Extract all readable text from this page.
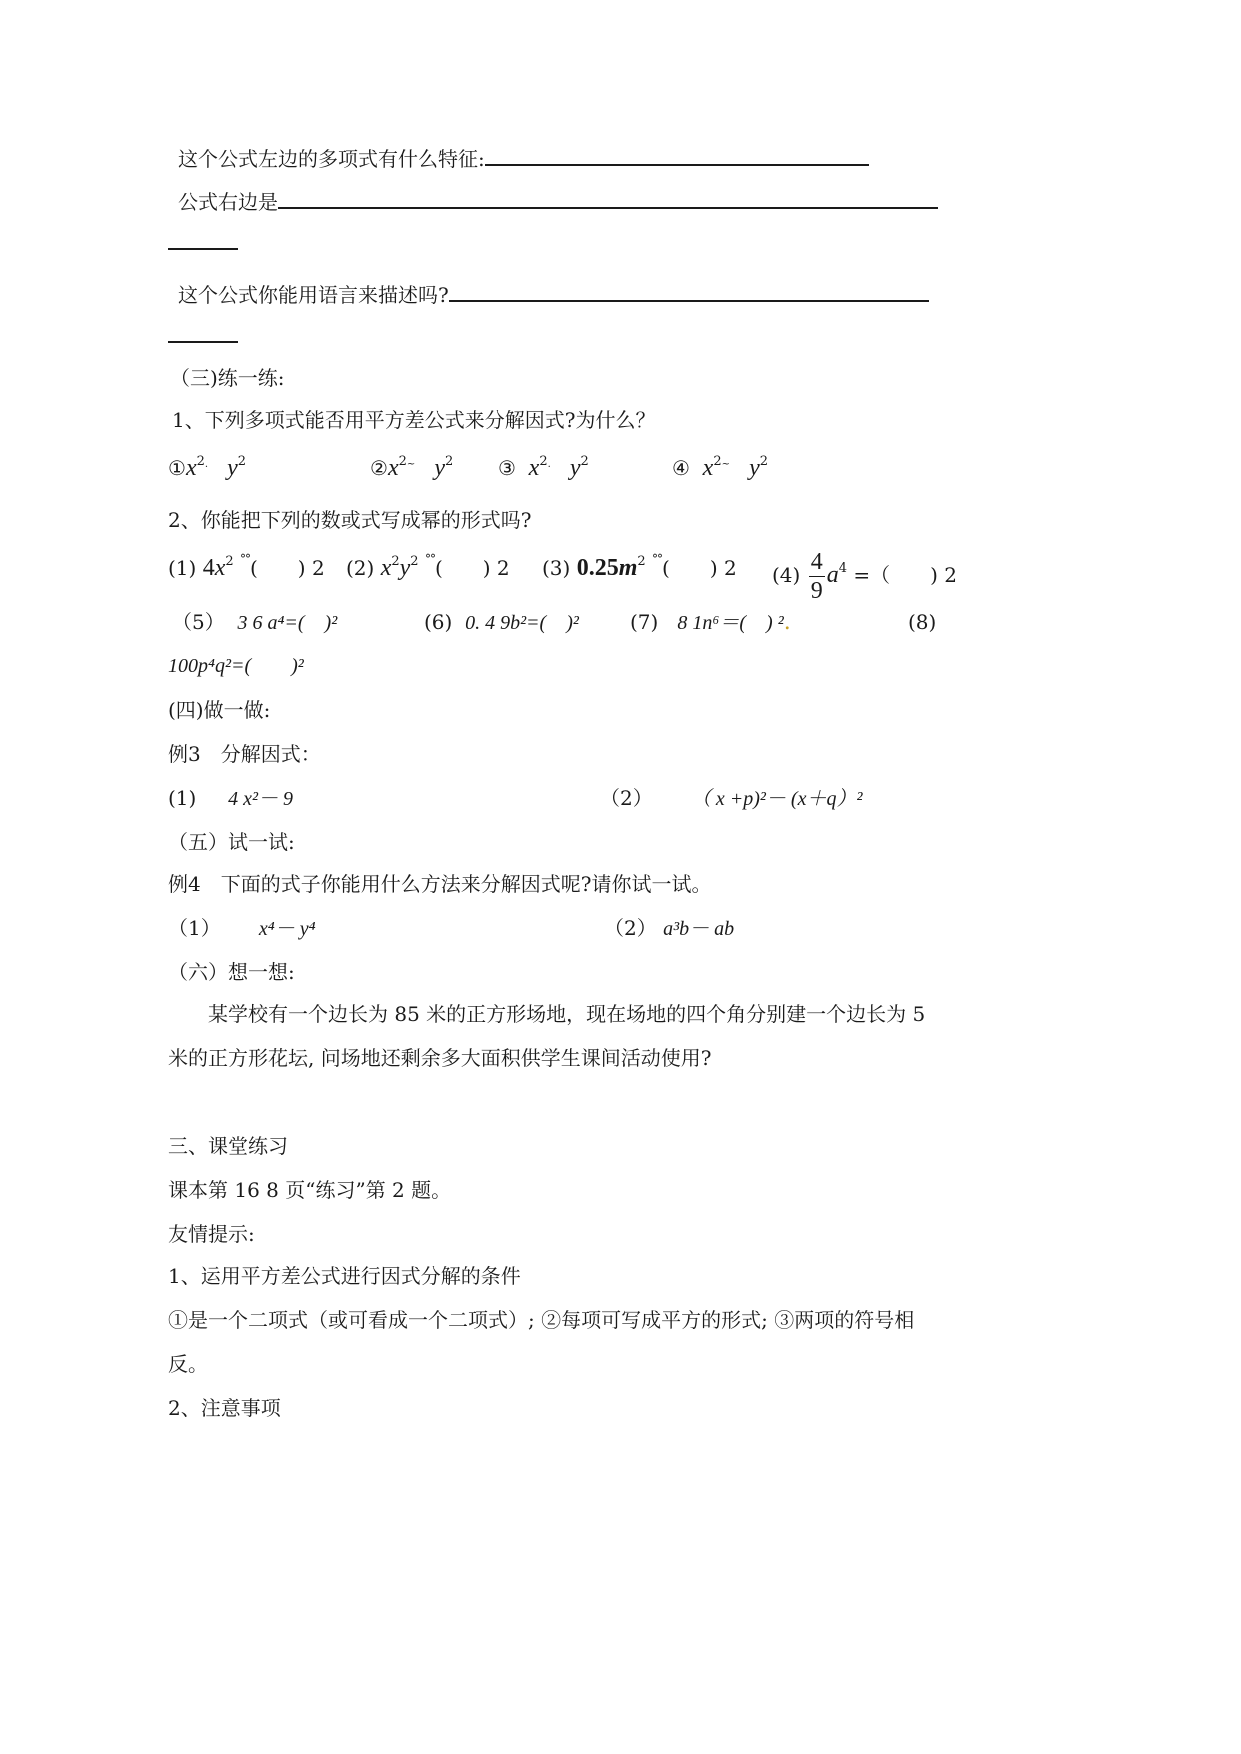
这个公式左边的多项式有什么特征:
公式右边是
这个公式你能用语言来描述吗?
（三)练一练:
1、下列多项式能否用平方差公式来分解因式?为什么？
$①x^{2.}$ $y^2$	$②x^{2\sim}$ $y^2$ ③ $x^{2.}$ $y^2$	④ $x^{2\sim}$ $y^2$
2、你能把下列的数或式写成幂的形式吗?
(1) $4x^2$ °°(　　) 2 (2) $x^2y^2$ °°(　　) 2 (3) $0.25m^2$ °°(　　) 2 $(4) \frac{4}{9} a^4$ =（　　) 2
（5） 3 6 a⁴=(　)²	(6) 0. 4 9b²=(　)²	(7) 8 1n⁶＝(　) ².	(8)
100p⁴q²=(　　)²
(四)做一做:
例3　分解因式：
(1) 4 x²－ 9	（2） （ x +p)²－ (x＋q）²
（五）试一试:
例4　下面的式子你能用什么方法来分解因式呢?请你试一试。
（1） x⁴－ y⁴	（2） a³b－ ab
（六）想一想:
某学校有一个边长为 85 米的正方形场地，现在场地的四个角分别建一个边长为 5
米的正方形花坛, 问场地还剩余多大面积供学生课间活动使用?
三、课堂练习
课本第 16 8 页“练习”第 2 题。
友情提示:
1、运用平方差公式进行因式分解的条件
①是一个二项式（或可看成一个二项式）; ②每项可写成平方的形式; ③两项的符号相
反。
2、注意事项
